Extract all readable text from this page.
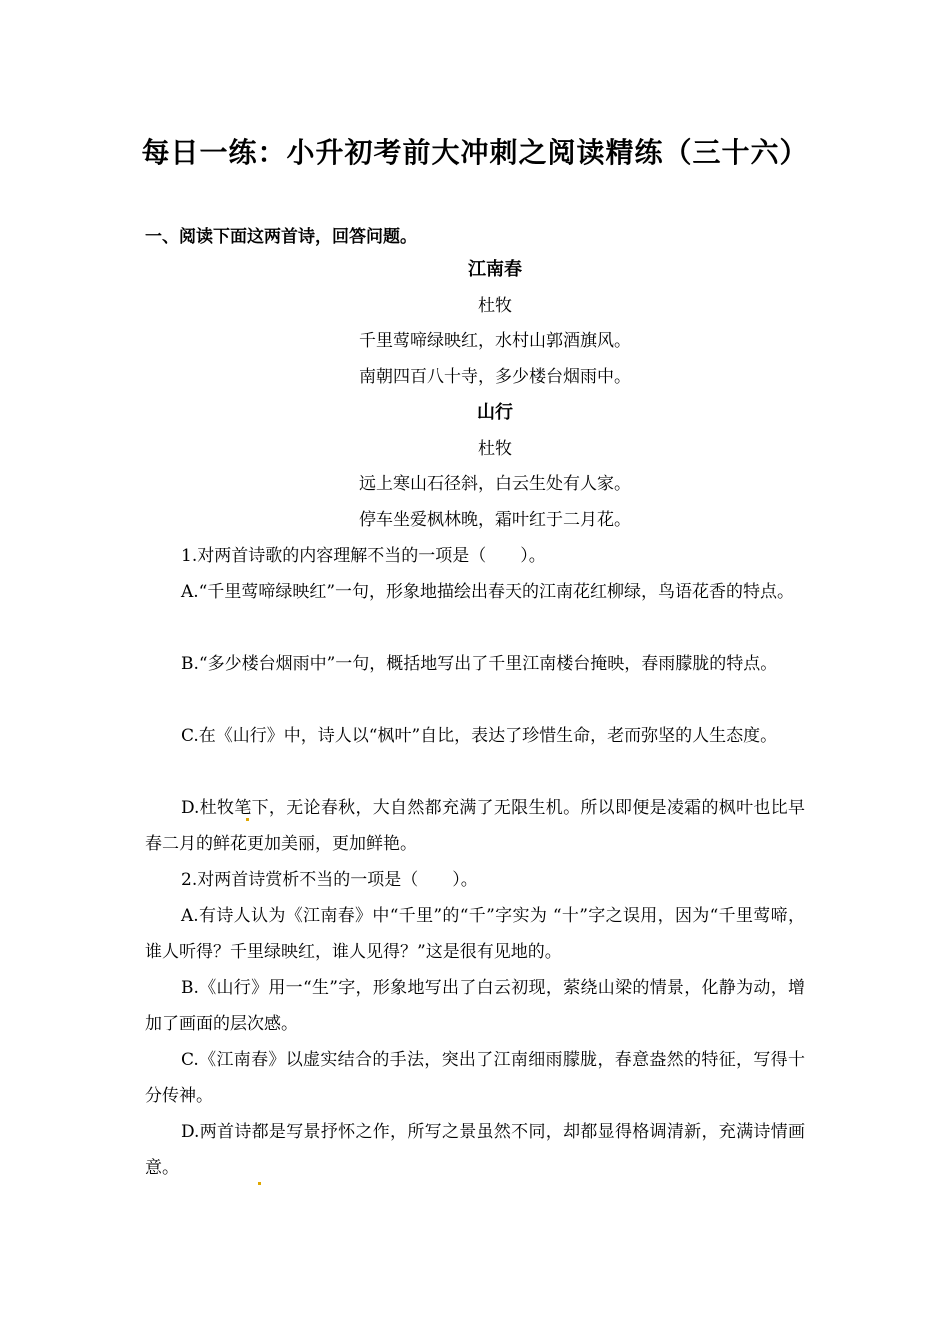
每日一练：小升初考前大冲刺之阅读精练（三十六）
一、阅读下面这两首诗，回答问题。
江南春
杜牧
千里莺啼绿映红，水村山郭酒旗风。
南朝四百八十寺，多少楼台烟雨中。
山行
杜牧
远上寒山石径斜，白云生处有人家。
停车坐爱枫林晚，霜叶红于二月花。
1.对两首诗歌的内容理解不当的一项是（　　）。
A.“千里莺啼绿映红”一句，形象地描绘出春天的江南花红柳绿，鸟语花香的特点。
B.“多少楼台烟雨中”一句，概括地写出了千里江南楼台掩映，春雨朦胧的特点。
C.在《山行》中，诗人以“枫叶”自比，表达了珍惜生命，老而弥坚的人生态度。
D.杜牧笔下，无论春秋，大自然都充满了无限生机。所以即便是凌霜的枫叶也比早春二月的鲜花更加美丽，更加鲜艳。
2.对两首诗赏析不当的一项是（　　）。
A.有诗人认为《江南春》中“千里”的“千”字实为 “十”字之误用，因为“千里莺啼，谁人听得？千里绿映红，谁人见得？”这是很有见地的。
B.《山行》用一“生”字，形象地写出了白云初现，萦绕山梁的情景，化静为动，增加了画面的层次感。
C.《江南春》以虚实结合的手法，突出了江南细雨朦胧，春意盎然的特征，写得十分传神。
D.两首诗都是写景抒怀之作，所写之景虽然不同，却都显得格调清新，充满诗情画意。
